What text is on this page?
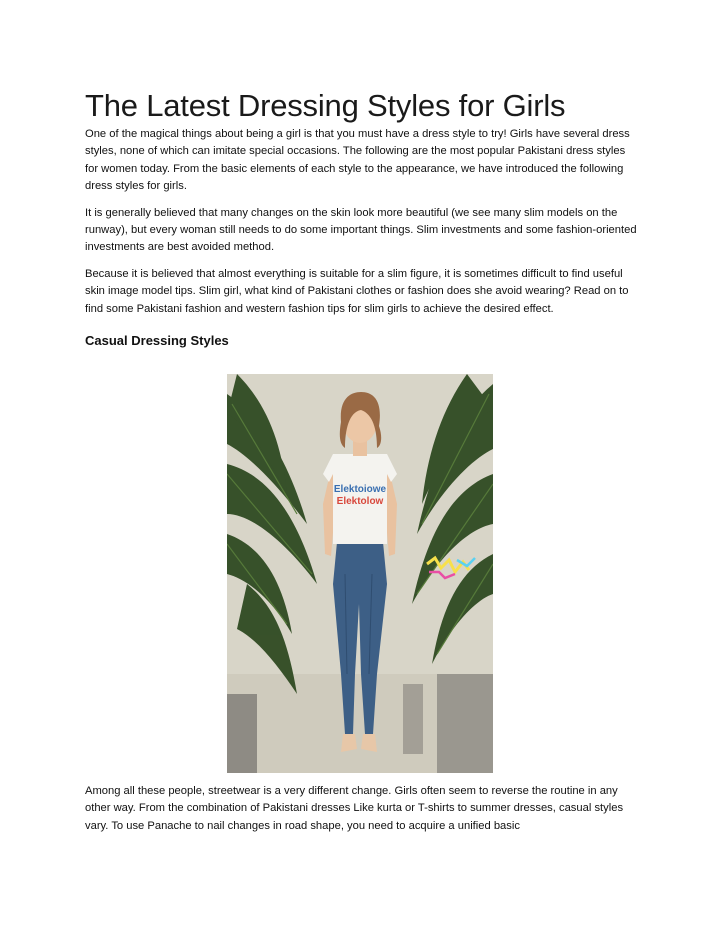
The Latest Dressing Styles for Girls

One of the magical things about being a girl is that you must have a dress style to try! Girls have several dress styles, none of which can imitate special occasions. The following are the most popular Pakistani dress styles for women today. From the basic elements of each style to the appearance, we have introduced the following dress styles for girls.

It is generally believed that many changes on the skin look more beautiful (we see many slim models on the runway), but every woman still needs to do some important things. Slim investments and some fashion-oriented investments are best avoided method.

Because it is believed that almost everything is suitable for a slim figure, it is sometimes difficult to find useful skin image model tips. Slim girl, what kind of Pakistani clothes or fashion does she avoid wearing? Read on to find some Pakistani fashion and western fashion tips for slim girls to achieve the desired effect.

Casual Dressing Styles
Elektoiowe
Elektolow

Among all these people, streetwear is a very different change. Girls often seem to reverse the routine in any other way. From the combination of Pakistani dresses Like kurta or T-shirts to summer dresses, casual styles vary. To use Panache to nail changes in road shape, you need to acquire a unified basic
